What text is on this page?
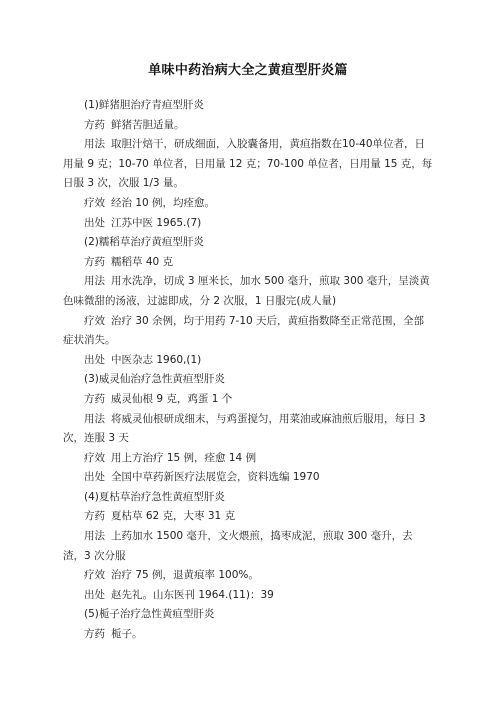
单味中药治病大全之黄疸型肝炎篇

(1)鲜猪胆治疗青疸型肝炎

方药 鲜猪苦胆适量。

用法 取胆汁焙干，研成细面，入胶囊备用，黄疸指数在10-40单位者，日用量 9 克；10-70 单位者，日用量 12 克；70-100 单位者，日用量 15 克，每日服 3 次，次服 1/3 量。

疗效 经治 10 例，均痊愈。

出处 江苏中医 1965.(7)

(2)糯稻草治疗黄疸型肝炎

方药 糯稻草 40 克

用法 用水洗净，切成 3 厘米长，加水 500 毫升，煎取 300 毫升，呈淡黄色味微甜的汤液，过滤即成，分 2 次服，1 日服完(成人量)

疗效 治疗 30 余例，均于用药 7-10 天后，黄疸指数降至正常范围，全部症状消失。

出处 中医杂志 1960,(1)

(3)威灵仙治疗急性黄疸型肝炎

方药 威灵仙根 9 克，鸡蛋 1 个

用法 将威灵仙根研成细末，与鸡蛋搅匀，用菜油或麻油煎后服用，每日 3 次，连服 3 天

疗效 用上方治疗 15 例，痊愈 14 例

出处 全国中草药新医疗法展览会，资料选编 1970

(4)夏枯草治疗急性黄疸型肝炎

方药 夏枯草 62 克，大枣 31 克

用法 上药加水 1500 毫升，文火煨煎，捣枣成泥，煎取 300 毫升，去渣，3 次分服

疗效 治疗 75 例，退黄痕率 100%。

出处 赵先礼。山东医刊 1964.(11)：39

(5)栀子治疗急性黄疸型肝炎

方药 栀子。
